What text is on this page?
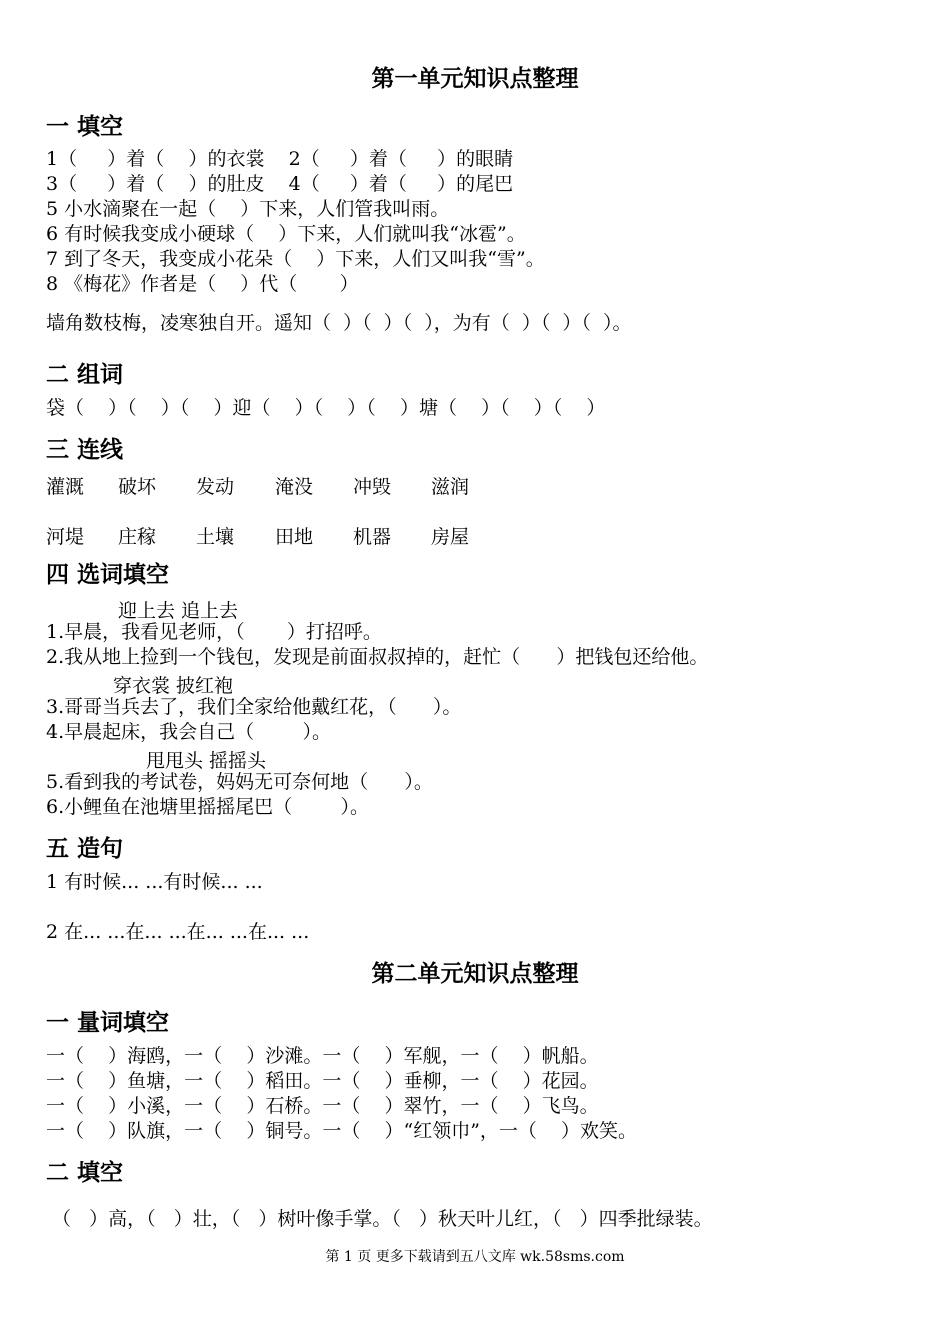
第一单元知识点整理
一 填空
1（     ）着（    ）的衣裳    2（     ）着（     ）的眼睛
3（     ）着（    ）的肚皮    4（     ）着（     ）的尾巴
5 小水滴聚在一起（    ）下来，人们管我叫雨。
6 有时候我变成小硬球（    ）下来，人们就叫我“冰雹”。
7 到了冬天，我变成小花朵（    ）下来，人们又叫我“雪”。
8 《梅花》作者是（    ）代（       ）
墙角数枝梅，凌寒独自开。遥知（  ）（  ）（  ），为有（  ）（  ）（  ）。
二 组词
袋（    ）（    ）（    ）迎（    ）（    ）（    ）塘（    ）（    ）（    ）
三 连线
灌溉 破坏 发动 淹没 冲毁 滋润
河堤 庄稼 土壤 田地 机器 房屋
四 选词填空
迎上去 追上去
1.早晨，我看见老师，（       ）打招呼。
2.我从地上捡到一个钱包，发现是前面叔叔掉的，赶忙（      ）把钱包还给他。
穿衣裳 披红袍
3.哥哥当兵去了，我们全家给他戴红花，（      ）。
4.早晨起床，我会自己（        ）。
甩甩头 摇摇头
5.看到我的考试卷，妈妈无可奈何地（      ）。
6.小鲤鱼在池塘里摇摇尾巴（        ）。
五 造句
1 有时候... ...有时候... ...
2 在... ...在... ...在... ...在... ...
第二单元知识点整理
一 量词填空
一（    ）海鸥，一（    ）沙滩。一（    ）军舰，一（    ）帆船。
一（    ）鱼塘，一（    ）稻田。一（    ）垂柳，一（    ）花园。
一（    ）小溪，一（    ）石桥。一（    ）翠竹，一（    ）飞鸟。
一（    ）队旗，一（    ）铜号。一（    ）“红领巾”，一（    ）欢笑。
二 填空
（   ）高，（   ）壮，（   ）树叶像手掌。（   ）秋天叶儿红，（   ）四季批绿装。
第 1 页 更多下载请到五八文库 wk.58sms.com
